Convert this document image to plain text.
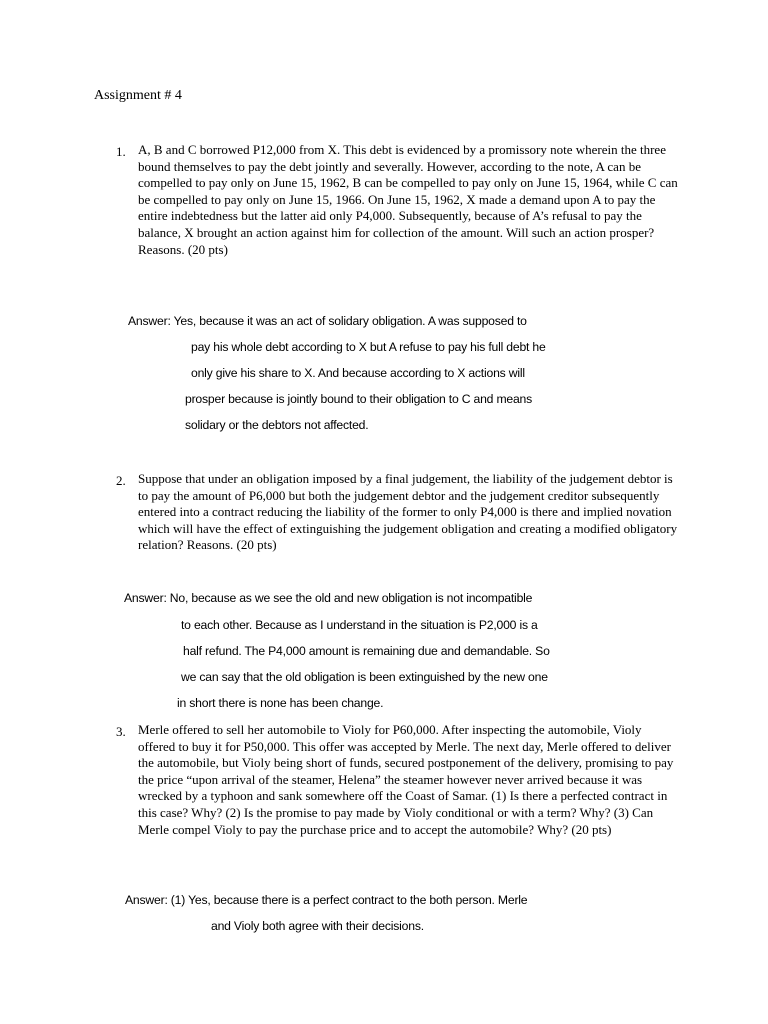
Assignment # 4
1. A, B and C borrowed P12,000 from X. This debt is evidenced by a promissory note wherein the three bound themselves to pay the debt jointly and severally. However, according to the note, A can be compelled to pay only on June 15, 1962, B can be compelled to pay only on June 15, 1964, while C can be compelled to pay only on June 15, 1966. On June 15, 1962, X made a demand upon A to pay the entire indebtedness but the latter aid only P4,000. Subsequently, because of A’s refusal to pay the balance, X brought an action against him for collection of the amount. Will such an action prosper? Reasons. (20 pts)
Answer: Yes, because it was an act of solidary obligation. A was supposed to
pay his whole debt according to X but A refuse to pay his full debt he
only give his share to X. And because according to X actions will
prosper because is jointly bound to their obligation to C and means
solidary or the debtors not affected.
2. Suppose that under an obligation imposed by a final judgement, the liability of the judgement debtor is to pay the amount of P6,000 but both the judgement debtor and the judgement creditor subsequently entered into a contract reducing the liability of the former to only P4,000 is there and implied novation which will have the effect of extinguishing the judgement obligation and creating a modified obligatory relation? Reasons. (20 pts)
Answer: No, because as we see the old and new obligation is not incompatible
to each other. Because as I understand in the situation is P2,000 is a
half refund. The P4,000 amount is remaining due and demandable. So
we can say that the old obligation is been extinguished by the new one
in short there is none has been change.
3. Merle offered to sell her automobile to Violy for P60,000. After inspecting the automobile, Violy offered to buy it for P50,000. This offer was accepted by Merle. The next day, Merle offered to deliver the automobile, but Violy being short of funds, secured postponement of the delivery, promising to pay the price “upon arrival of the steamer, Helena” the steamer however never arrived because it was wrecked by a typhoon and sank somewhere off the Coast of Samar. (1) Is there a perfected contract in this case? Why? (2) Is the promise to pay made by Violy conditional or with a term? Why? (3) Can Merle compel Violy to pay the purchase price and to accept the automobile? Why? (20 pts)
Answer: (1) Yes, because there is a perfect contract to the both person. Merle
and Violy both agree with their decisions.
